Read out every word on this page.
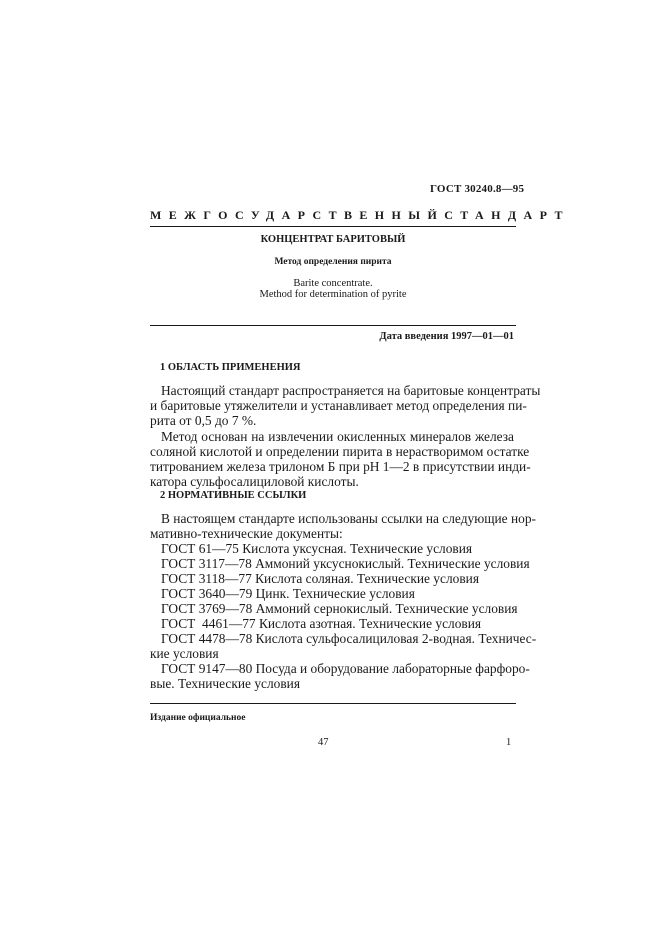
ГОСТ 30240.8—95
МЕЖГОСУДАРСТВЕННЫЙ СТАНДАРТ
КОНЦЕНТРАТ БАРИТОВЫЙ
Метод определения пирита
Barite concentrate.
Method for determination of pyrite
Дата введения 1997—01—01
1 ОБЛАСТЬ ПРИМЕНЕНИЯ
Настоящий стандарт распространяется на баритовые концентраты
и баритовые утяжелители и устанавливает метод определения пи-
рита от 0,5 до 7 %.
Метод основан на извлечении окисленных минералов железа
соляной кислотой и определении пирита в нерастворимом остатке
титрованием железа трилоном Б при pH 1—2 в присутствии инди-
катора сульфосалициловой кислоты.
2 НОРМАТИВНЫЕ ССЫЛКИ
В настоящем стандарте использованы ссылки на следующие нор-
мативно-технические документы:
ГОСТ 61—75 Кислота уксусная. Технические условия
ГОСТ 3117—78 Аммоний уксуснокислый. Технические условия
ГОСТ 3118—77 Кислота соляная. Технические условия
ГОСТ 3640—79 Цинк. Технические условия
ГОСТ 3769—78 Аммоний сернокислый. Технические условия
ГОСТ  4461—77 Кислота азотная. Технические условия
ГОСТ 4478—78 Кислота сульфосалициловая 2-водная. Техничес-
кие условия
ГОСТ 9147—80 Посуда и оборудование лабораторные фарфоро-
вые. Технические условия
Издание официальное
47	1
